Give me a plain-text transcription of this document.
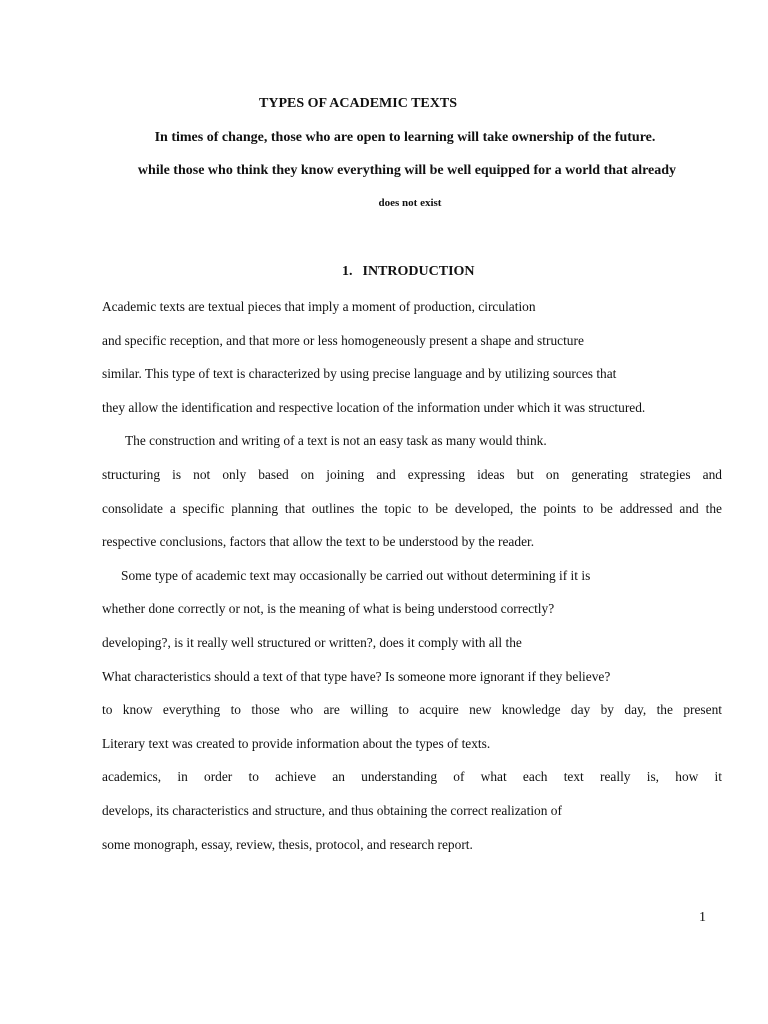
TYPES OF ACADEMIC TEXTS

In times of change, those who are open to learning will take ownership of the future.

while those who think they know everything will be well equipped for a world that already

does not exist

1. INTRODUCTION
Academic texts are textual pieces that imply a moment of production, circulation
and specific reception, and that more or less homogeneously present a shape and structure
similar. This type of text is characterized by using precise language and by utilizing sources that
they allow the identification and respective location of the information under which it was structured.
The construction and writing of a text is not an easy task as many would think.
structuring is not only based on joining and expressing ideas but on generating strategies and
consolidate a specific planning that outlines the topic to be developed, the points to be addressed and the
respective conclusions, factors that allow the text to be understood by the reader.
Some type of academic text may occasionally be carried out without determining if it is
whether done correctly or not, is the meaning of what is being understood correctly?
developing?, is it really well structured or written?, does it comply with all the
What characteristics should a text of that type have? Is someone more ignorant if they believe?
to know everything to those who are willing to acquire new knowledge day by day, the present
Literary text was created to provide information about the types of texts.
academics, in order to achieve an understanding of what each text really is, how it
develops, its characteristics and structure, and thus obtaining the correct realization of
some monograph, essay, review, thesis, protocol, and research report.

1
